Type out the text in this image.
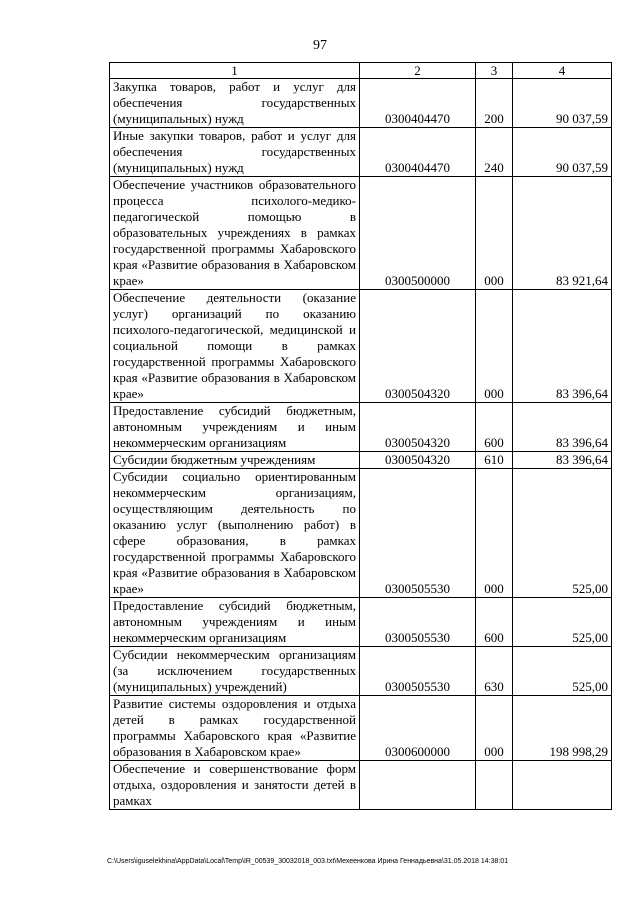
97
1	2	3	4
Закупка товаров, работ и услуг для обеспечения государственных (муниципальных) нужд	0300404470	200	90 037,59
Иные закупки товаров, работ и услуг для обеспечения государственных (муниципальных) нужд	0300404470	240	90 037,59
Обеспечение участников образовательного процесса психолого-медико-педагогической помощью в образовательных учреждениях в рамках государственной программы Хабаровского края «Развитие образования в Хабаровском крае»	0300500000	000	83 921,64
Обеспечение деятельности (оказание услуг) организаций по оказанию психолого-педагогической, медицинской и социальной помощи в рамках государственной программы Хабаровского края «Развитие образования в Хабаровском крае»	0300504320	000	83 396,64
Предоставление субсидий бюджетным, автономным учреждениям и иным некоммерческим организациям	0300504320	600	83 396,64
Субсидии бюджетным учреждениям	0300504320	610	83 396,64
Субсидии социально ориентированным некоммерческим организациям, осуществляющим деятельность по оказанию услуг (выполнению работ) в сфере образования, в рамках государственной программы Хабаровского края «Развитие образования в Хабаровском крае»	0300505530	000	525,00
Предоставление субсидий бюджетным, автономным учреждениям и иным некоммерческим организациям	0300505530	600	525,00
Субсидии некоммерческим организациям (за исключением государственных (муниципальных) учреждений)	0300505530	630	525,00
Развитие системы оздоровления и отдыха детей в рамках государственной программы Хабаровского края «Развитие образования в Хабаровском крае»	0300600000	000	198 998,29
Обеспечение и совершенствование форм отдыха, оздоровления и занятости детей в рамках			
C:\Users\iguselekhina\AppData\Local\Temp\IR_00539_30032018_003.txt\Мехеенкова Ирина Геннадьевна\31.05.2018 14:38:01
